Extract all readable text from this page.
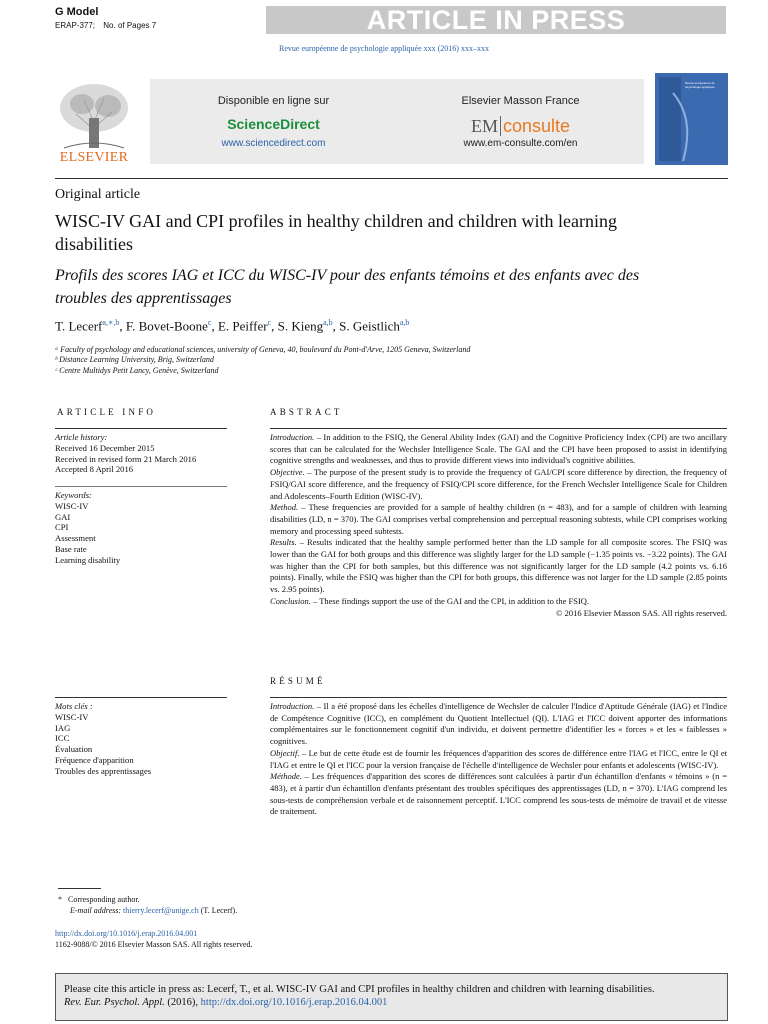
G Model
ERAP-377; No. of Pages 7	ARTICLE IN PRESS
Revue européenne de psychologie appliquée xxx (2016) xxx–xxx
ELSEVIER
Disponible en ligne sur
ScienceDirect
www.sciencedirect.com
Elsevier Masson France
EM consulte
www.em-consulte.com/en
Revue européenne de psychologie appliquée
Original article
WISC-IV GAI and CPI profiles in healthy children and children with learning disabilities
Profils des scores IAG et ICC du WISC-IV pour des enfants témoins et des enfants avec des troubles des apprentissages
T. Lecerf$^{a,∗,b}$, F. Bovet-Boone$^c$, E. Peiffer$^c$, S. Kieng$^{a,b}$, S. Geistlich$^{a,b}$
ᵃ Faculty of psychology and educational sciences, university of Geneva, 40, boulevard du Pont-d'Arve, 1205 Geneva, Switzerland
ᵇ Distance Learning University, Brig, Switzerland
ᶜ Centre Multidys Petit Lancy, Genève, Switzerland
ARTICLE INFO
Article history:
Received 16 December 2015
Received in revised form 21 March 2016
Accepted 8 April 2016
Keywords:
WISC-IV
GAI
CPI
Assessment
Base rate
Learning disability
ABSTRACT
Introduction. – In addition to the FSIQ, the General Ability Index (GAI) and the Cognitive Proficiency Index (CPI) are two ancillary scores that can be calculated for the Wechsler Intelligence Scale. The GAI and the CPI have been proposed to assist in identifying cognitive strengths and weaknesses, and thus to provide different views into individual's cognitive abilities.
Objective. – The purpose of the present study is to provide the frequency of GAI/CPI score difference by direction, the frequency of FSIQ/GAI score difference, and the frequency of FSIQ/CPI score difference, for the French Wechsler Intelligence Scale for Children and Adolescents–Fourth Edition (WISC-IV).
Method. – These frequencies are provided for a sample of healthy children (n = 483), and for a sample of children with learning disabilities (LD, n = 370). The GAI comprises verbal comprehension and perceptual reasoning subtests, while CPI comprises working memory and processing speed subtests.
Results. – Results indicated that the healthy sample performed better than the LD sample for all composite scores. The FSIQ was lower than the GAI for both groups and this difference was slightly larger for the LD sample (−1.35 points vs. −3.22 points). The GAI was higher than the CPI for both samples, but this difference was not significantly larger for the LD sample (4.2 points vs. 6.16 points). Finally, while the FSIQ was higher than the CPI for both groups, this difference was not larger for the LD sample (2.85 points vs. 2.95 points).
Conclusion. – These findings support the use of the GAI and the CPI, in addition to the FSIQ.
© 2016 Elsevier Masson SAS. All rights reserved.
RÉSUMÉ
Mots clés :
WISC-IV
IAG
ICC
Évaluation
Fréquence d'apparition
Troubles des apprentissages
Introduction. – Il a été proposé dans les échelles d'intelligence de Wechsler de calculer l'Indice d'Aptitude Générale (IAG) et l'Indice de Compétence Cognitive (ICC), en complément du Quotient Intellectuel (QI). L'IAG et l'ICC doivent apporter des informations complémentaires sur le fonctionnement cognitif d'un individu, et doivent permettre d'identifier les « forces » et les « faiblesses » cognitives.
Objectif. – Le but de cette étude est de fournir les fréquences d'apparition des scores de différence entre l'IAG et l'ICC, entre le QI et l'IAG et entre le QI et l'ICC pour la version française de l'échelle d'intelligence de Wechsler pour enfants et adolescents (WISC-IV).
Méthode. – Les fréquences d'apparition des scores de différences sont calculées à partir d'un échantillon d'enfants « témoins » (n = 483), et à partir d'un échantillon d'enfants présentant des troubles spécifiques des apprentissages (LD, n = 370). L'IAG comprend les sous-tests de compréhension verbale et de raisonnement perceptif. L'ICC comprend les sous-tests de mémoire de travail et de vitesse de traitement.
* Corresponding author.
E-mail address: thierry.lecerf@unige.ch (T. Lecerf).
http://dx.doi.org/10.1016/j.erap.2016.04.001
1162-9088/© 2016 Elsevier Masson SAS. All rights reserved.
Please cite this article in press as: Lecerf, T., et al. WISC-IV GAI and CPI profiles in healthy children and children with learning disabilities.
Rev. Eur. Psychol. Appl. (2016), http://dx.doi.org/10.1016/j.erap.2016.04.001
